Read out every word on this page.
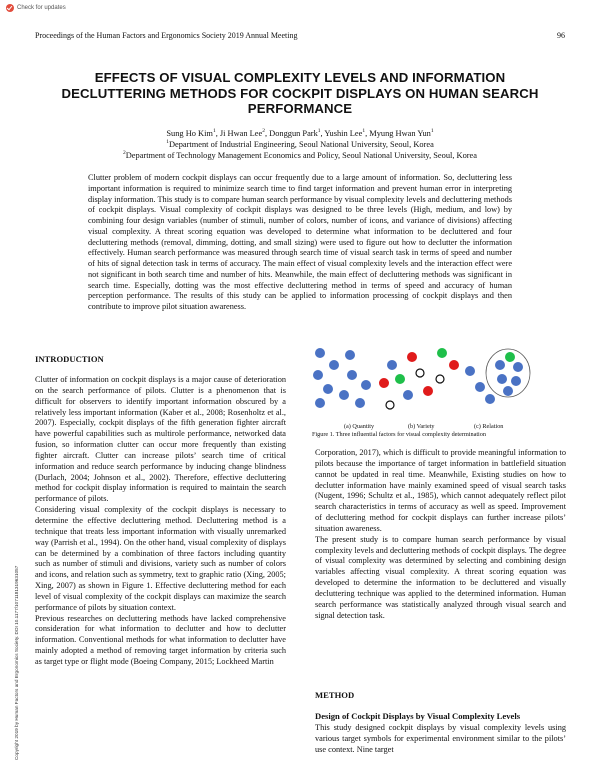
Check for updates
Proceedings of the Human Factors and Ergonomics Society 2019 Annual Meeting	96
EFFECTS OF VISUAL COMPLEXITY LEVELS AND INFORMATION DECLUTTERING METHODS FOR COCKPIT DISPLAYS ON HUMAN SEARCH PERFORMANCE
Sung Ho Kim$^1$, Ji Hwan Lee$^2$, Donggun Park$^1$, Yushin Lee$^1$, Myung Hwan Yun$^1$
$^1$Department of Industrial Engineering, Seoul National University, Seoul, Korea
$^2$Department of Technology Management Economics and Policy, Seoul National University, Seoul, Korea
Clutter problem of modern cockpit displays can occur frequently due to a large amount of information. So, decluttering less important information is required to minimize search time to find target information and prevent human error in interpreting display information. This study is to compare human search performance by visual complexity levels and decluttering methods of cockpit displays. Visual complexity of cockpit displays was designed to be three levels (High, medium, and low) by combining four design variables (number of stimuli, number of colors, number of icons, and variance of divisions) affecting visual complexity. A threat scoring equation was developed to determine what information to be decluttered and four decluttering methods (removal, dimming, dotting, and small sizing) were used to figure out how to declutter the information effectively. Human search performance was measured through search time of visual search task in terms of speed and number of hits of signal detection task in terms of accuracy. The main effect of visual complexity levels and the interaction effect were not significant in both search time and number of hits. Meanwhile, the main effect of decluttering methods was significant in search time. Especially, dotting was the most effective decluttering method in terms of speed and accuracy of human perception performance. The results of this study can be applied to information processing of cockpit displays and then contribute to improve pilot situation awareness.
INTRODUCTION

Clutter of information on cockpit displays is a major cause of deterioration on the search performance of pilots. Clutter is a phenomenon that is difficult for observers to identify important information obscured by a relatively less important information (Kaber et al., 2008; Rosenholtz et al., 2007). Especially, cockpit displays of the fifth generation fighter aircraft have powerful capabilities such as multirole performance, networked data fusion, so information clutter can occur more frequently than existing fighter aircraft. Clutter can increase pilots’ search time of critical information and reduce search performance by inducing change blindness (Durlach, 2004; Johnson et al., 2002). Therefore, effective decluttering method for cockpit display information is required to maintain the search performance of pilots.

Considering visual complexity of the cockpit displays is necessary to determine the effective decluttering method. Decluttering method is a technique that treats less important information with visually unremarked way (Parrish et al., 1994). On the other hand, visual complexity of displays can be determined by a combination of three factors including quantity such as number of stimuli and divisions, variety such as number of colors and icons, and relation such as symmetry, text to graphic ratio (Xing, 2005; Xing, 2007) as shown in Figure 1. Effective decluttering method for each level of visual complexity of the cockpit displays can maximize the search performance of pilots by situation context.

Previous researches on decluttering methods have lacked comprehensive consideration for what information to declutter and how to declutter information. Conventional methods for what information to declutter have mainly adopted a method of removing target information by criteria such as target type or flight mode (Boeing Company, 2015; Lockheed Martin

Copyright 2019 by Human Factors and Ergonomics Society. DOI 10.1177/1071181319631057
(a) Quantity	(b) Variety	(c) Relation
Figure 1. Three influential factors for visual complexity determination

Corporation, 2017), which is difficult to provide meaningful information to pilots because the importance of target information in battlefield situation cannot be updated in real time. Meanwhile, Existing studies on how to declutter information have mainly examined speed of visual search tasks (Nugent, 1996; Schultz et al., 1985), which cannot adequately reflect pilot search characteristics in terms of accuracy as well as speed. Improvement of decluttering method for cockpit displays can further increase pilots’ situation awareness.

The present study is to compare human search performance by visual complexity levels and decluttering methods of cockpit displays. The degree of visual complexity was determined by selecting and combining design variables affecting visual complexity. A threat scoring equation was developed to determine the information to be decluttered and visually decluttering technique was applied to the determined information. Human search performance was statistically analyzed through visual search and signal detection task.

METHOD
Design of Cockpit Displays by Visual Complexity Levels
This study designed cockpit displays by visual complexity levels using various target symbols for experimental environment similar to the pilots’ use context. Nine target
